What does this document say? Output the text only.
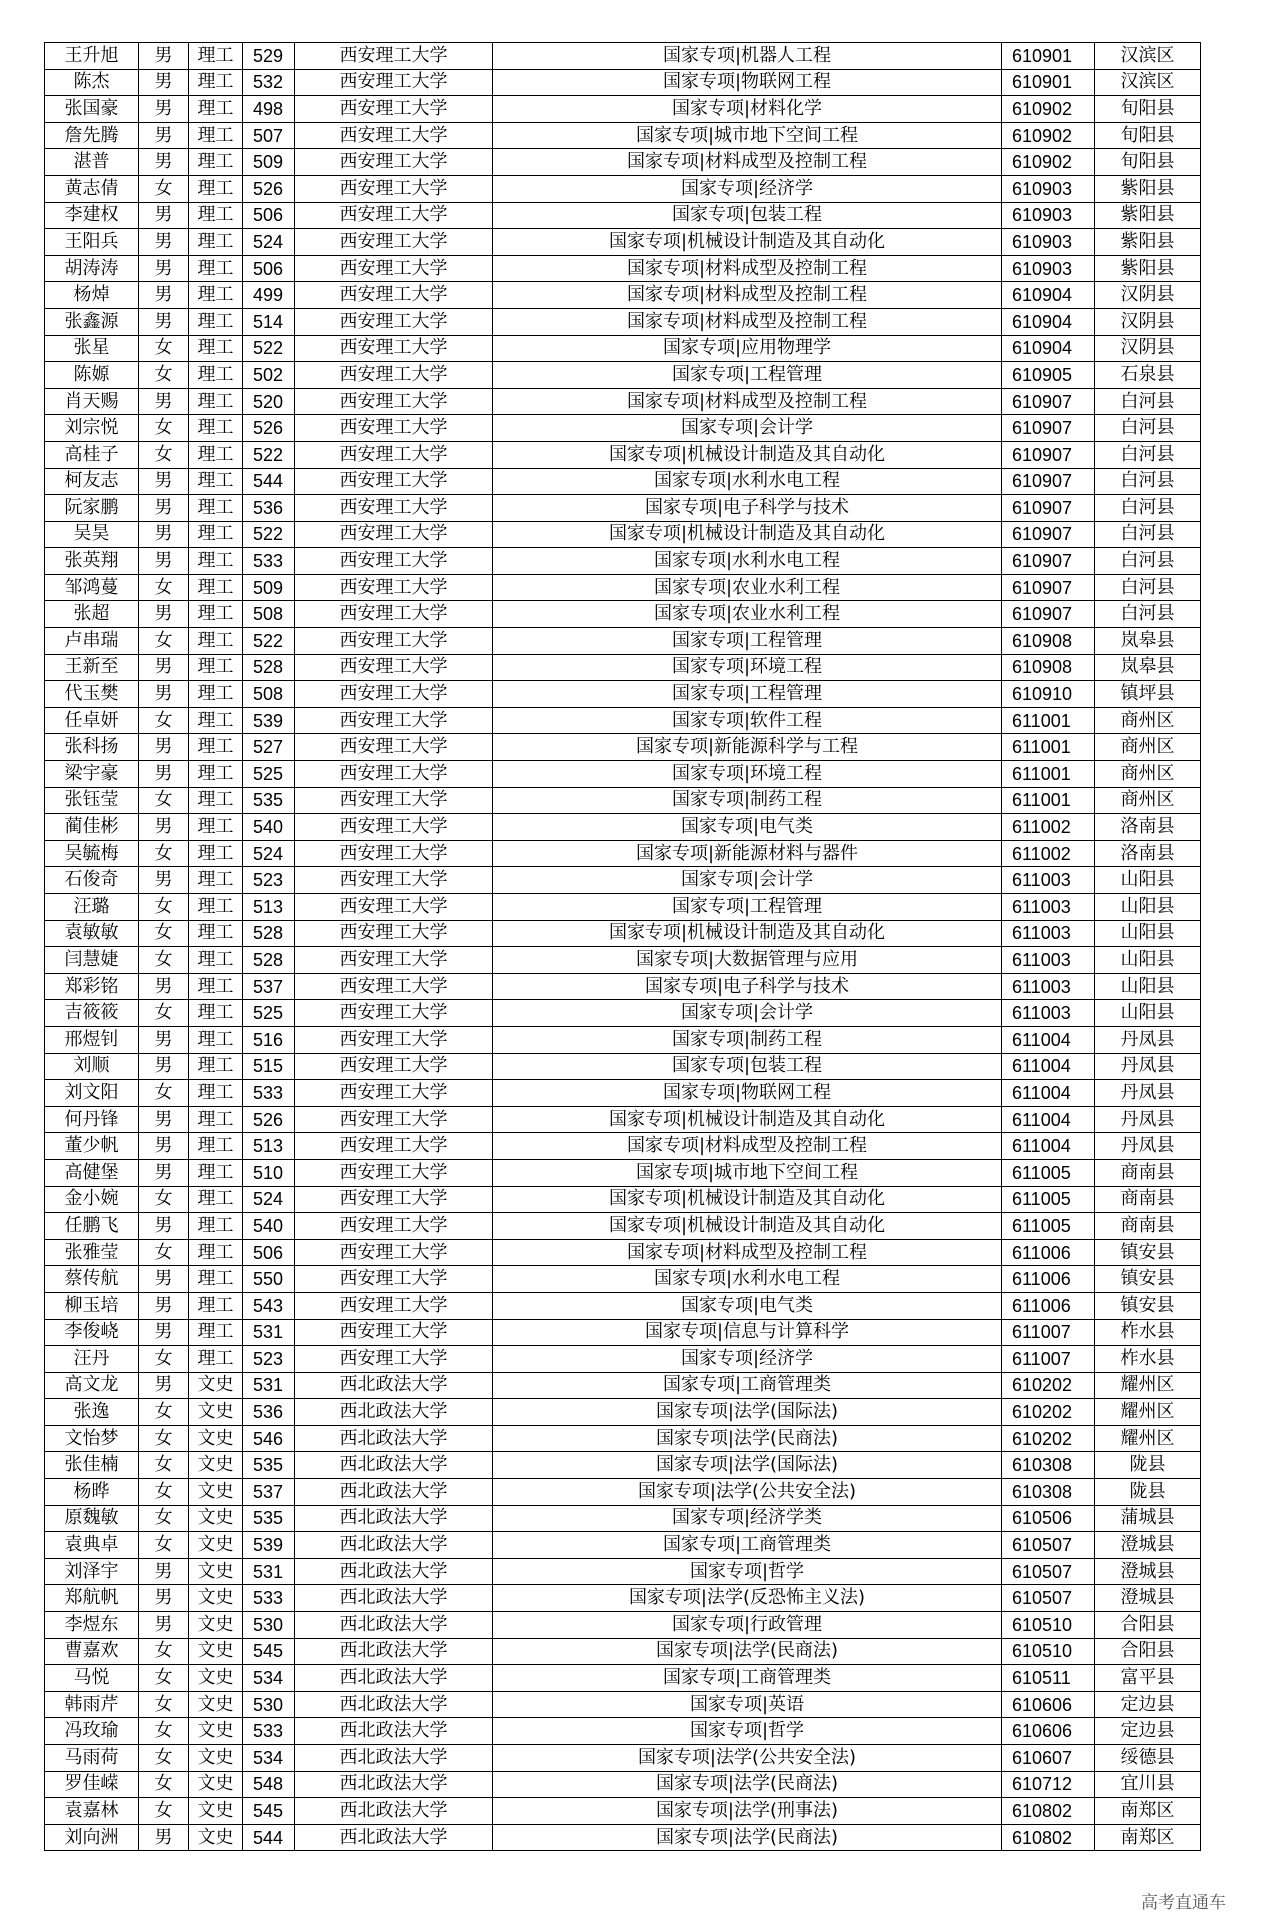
王升旭	男	理工	529	西安理工大学	国家专项|机器人工程	610901	汉滨区
陈杰	男	理工	532	西安理工大学	国家专项|物联网工程	610901	汉滨区
张国豪	男	理工	498	西安理工大学	国家专项|材料化学	610902	旬阳县
詹先腾	男	理工	507	西安理工大学	国家专项|城市地下空间工程	610902	旬阳县
湛普	男	理工	509	西安理工大学	国家专项|材料成型及控制工程	610902	旬阳县
黄志倩	女	理工	526	西安理工大学	国家专项|经济学	610903	紫阳县
李建权	男	理工	506	西安理工大学	国家专项|包装工程	610903	紫阳县
王阳兵	男	理工	524	西安理工大学	国家专项|机械设计制造及其自动化	610903	紫阳县
胡涛涛	男	理工	506	西安理工大学	国家专项|材料成型及控制工程	610903	紫阳县
杨焯	男	理工	499	西安理工大学	国家专项|材料成型及控制工程	610904	汉阴县
张鑫源	男	理工	514	西安理工大学	国家专项|材料成型及控制工程	610904	汉阴县
张星	女	理工	522	西安理工大学	国家专项|应用物理学	610904	汉阴县
陈嫄	女	理工	502	西安理工大学	国家专项|工程管理	610905	石泉县
肖天赐	男	理工	520	西安理工大学	国家专项|材料成型及控制工程	610907	白河县
刘宗悦	女	理工	526	西安理工大学	国家专项|会计学	610907	白河县
高桂子	女	理工	522	西安理工大学	国家专项|机械设计制造及其自动化	610907	白河县
柯友志	男	理工	544	西安理工大学	国家专项|水利水电工程	610907	白河县
阮家鹏	男	理工	536	西安理工大学	国家专项|电子科学与技术	610907	白河县
吴昊	男	理工	522	西安理工大学	国家专项|机械设计制造及其自动化	610907	白河县
张英翔	男	理工	533	西安理工大学	国家专项|水利水电工程	610907	白河县
邹鸿蔓	女	理工	509	西安理工大学	国家专项|农业水利工程	610907	白河县
张超	男	理工	508	西安理工大学	国家专项|农业水利工程	610907	白河县
卢串瑞	女	理工	522	西安理工大学	国家专项|工程管理	610908	岚皋县
王新至	男	理工	528	西安理工大学	国家专项|环境工程	610908	岚皋县
代玉樊	男	理工	508	西安理工大学	国家专项|工程管理	610910	镇坪县
任卓妍	女	理工	539	西安理工大学	国家专项|软件工程	611001	商州区
张科扬	男	理工	527	西安理工大学	国家专项|新能源科学与工程	611001	商州区
梁宇豪	男	理工	525	西安理工大学	国家专项|环境工程	611001	商州区
张钰莹	女	理工	535	西安理工大学	国家专项|制药工程	611001	商州区
蔺佳彬	男	理工	540	西安理工大学	国家专项|电气类	611002	洛南县
吴毓梅	女	理工	524	西安理工大学	国家专项|新能源材料与器件	611002	洛南县
石俊奇	男	理工	523	西安理工大学	国家专项|会计学	611003	山阳县
汪璐	女	理工	513	西安理工大学	国家专项|工程管理	611003	山阳县
袁敏敏	女	理工	528	西安理工大学	国家专项|机械设计制造及其自动化	611003	山阳县
闫慧婕	女	理工	528	西安理工大学	国家专项|大数据管理与应用	611003	山阳县
郑彩铭	男	理工	537	西安理工大学	国家专项|电子科学与技术	611003	山阳县
吉筱筱	女	理工	525	西安理工大学	国家专项|会计学	611003	山阳县
邢煜钊	男	理工	516	西安理工大学	国家专项|制药工程	611004	丹凤县
刘顺	男	理工	515	西安理工大学	国家专项|包装工程	611004	丹凤县
刘文阳	女	理工	533	西安理工大学	国家专项|物联网工程	611004	丹凤县
何丹锋	男	理工	526	西安理工大学	国家专项|机械设计制造及其自动化	611004	丹凤县
董少帆	男	理工	513	西安理工大学	国家专项|材料成型及控制工程	611004	丹凤县
高健堡	男	理工	510	西安理工大学	国家专项|城市地下空间工程	611005	商南县
金小婉	女	理工	524	西安理工大学	国家专项|机械设计制造及其自动化	611005	商南县
任鹏飞	男	理工	540	西安理工大学	国家专项|机械设计制造及其自动化	611005	商南县
张雅莹	女	理工	506	西安理工大学	国家专项|材料成型及控制工程	611006	镇安县
蔡传航	男	理工	550	西安理工大学	国家专项|水利水电工程	611006	镇安县
柳玉培	男	理工	543	西安理工大学	国家专项|电气类	611006	镇安县
李俊峣	男	理工	531	西安理工大学	国家专项|信息与计算科学	611007	柞水县
汪丹	女	理工	523	西安理工大学	国家专项|经济学	611007	柞水县
高文龙	男	文史	531	西北政法大学	国家专项|工商管理类	610202	耀州区
张逸	女	文史	536	西北政法大学	国家专项|法学(国际法)	610202	耀州区
文怡梦	女	文史	546	西北政法大学	国家专项|法学(民商法)	610202	耀州区
张佳楠	女	文史	535	西北政法大学	国家专项|法学(国际法)	610308	陇县
杨晔	女	文史	537	西北政法大学	国家专项|法学(公共安全法)	610308	陇县
原魏敏	女	文史	535	西北政法大学	国家专项|经济学类	610506	蒲城县
袁典卓	女	文史	539	西北政法大学	国家专项|工商管理类	610507	澄城县
刘泽宇	男	文史	531	西北政法大学	国家专项|哲学	610507	澄城县
郑航帆	男	文史	533	西北政法大学	国家专项|法学(反恐怖主义法)	610507	澄城县
李煜东	男	文史	530	西北政法大学	国家专项|行政管理	610510	合阳县
曹嘉欢	女	文史	545	西北政法大学	国家专项|法学(民商法)	610510	合阳县
马悦	女	文史	534	西北政法大学	国家专项|工商管理类	610511	富平县
韩雨芹	女	文史	530	西北政法大学	国家专项|英语	610606	定边县
冯玫瑜	女	文史	533	西北政法大学	国家专项|哲学	610606	定边县
马雨荷	女	文史	534	西北政法大学	国家专项|法学(公共安全法)	610607	绥德县
罗佳嵘	女	文史	548	西北政法大学	国家专项|法学(民商法)	610712	宜川县
袁嘉林	女	文史	545	西北政法大学	国家专项|法学(刑事法)	610802	南郑区
刘向洲	男	文史	544	西北政法大学	国家专项|法学(民商法)	610802	南郑区
高考直通车
